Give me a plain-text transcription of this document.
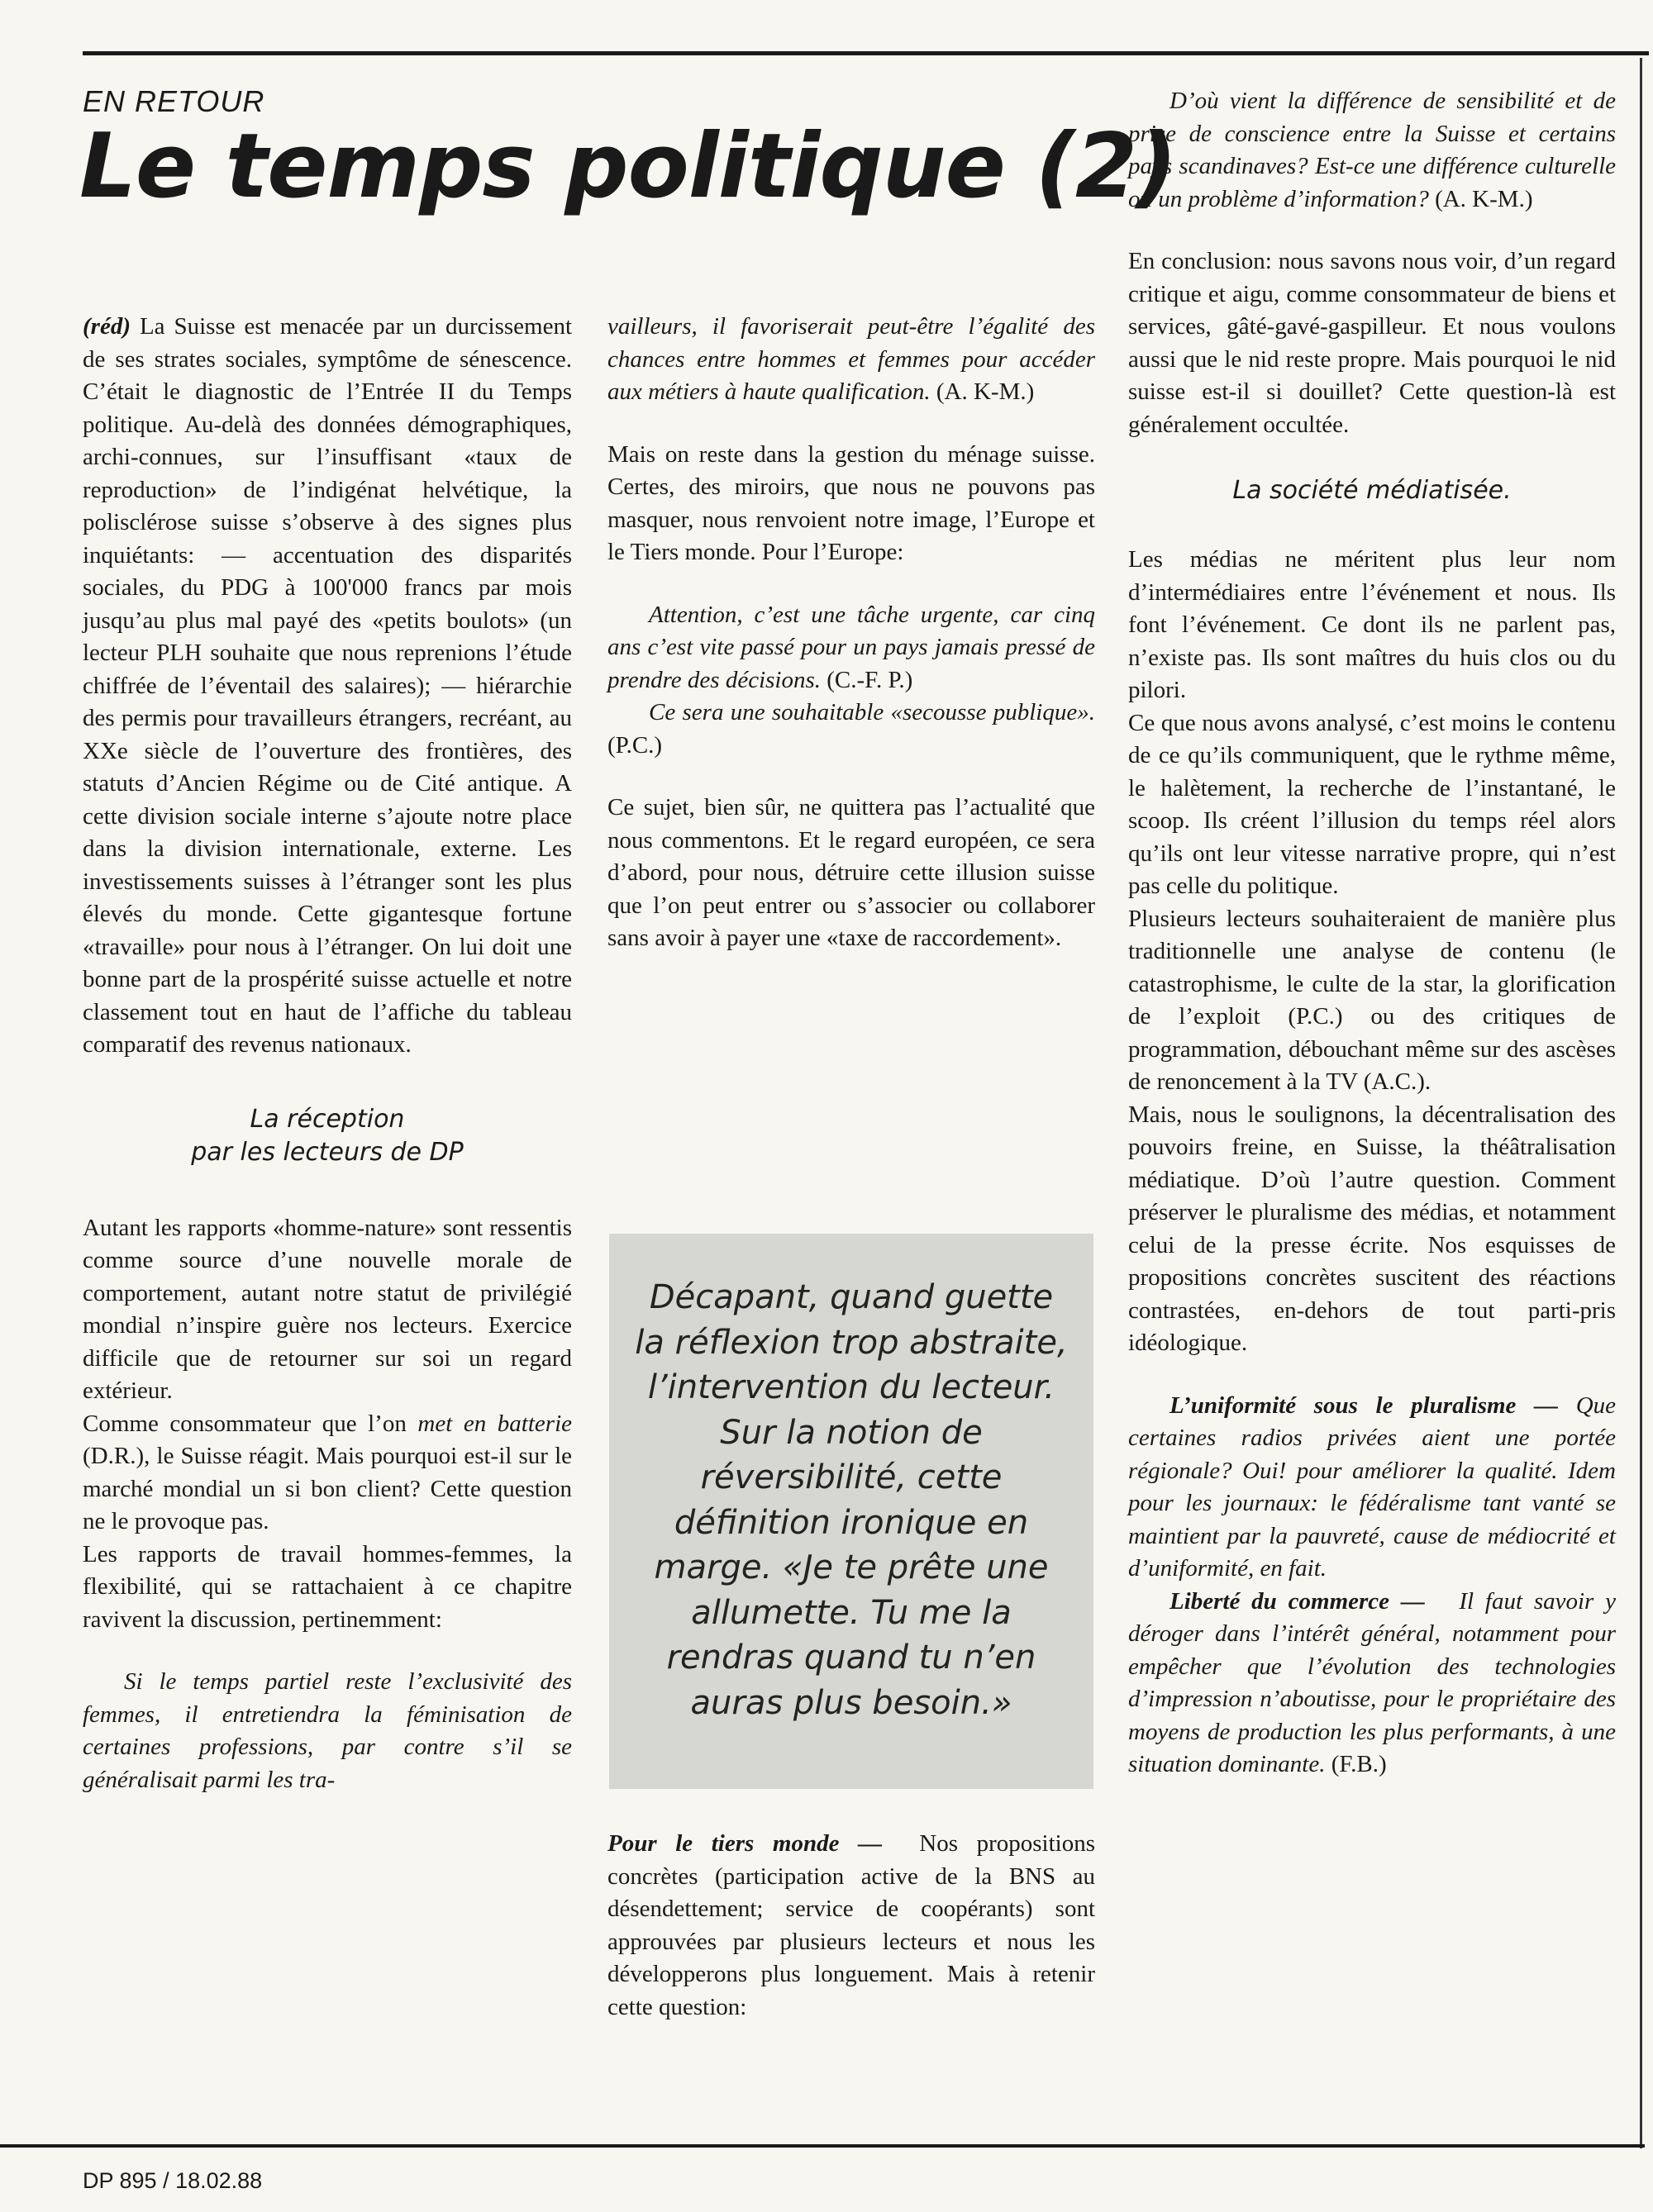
EN RETOUR
Le temps politique (2)

(réd) La Suisse est menacée par un durcissement de ses strates sociales, symptôme de sénescence. C’était le diagnostic de l’Entrée II du Temps politique. Au-delà des données démographiques, archi-connues, sur l’insuffisant «taux de reproduction» de l’indigénat helvétique, la polisclérose suisse s’observe à des signes plus inquiétants: — accentuation des disparités sociales, du PDG à 100'000 francs par mois jusqu’au plus mal payé des «petits boulots» (un lecteur PLH souhaite que nous reprenions l’étude chiffrée de l’éventail des salaires); — hiérarchie des permis pour travailleurs étrangers, recréant, au XXe siècle de l’ouverture des frontières, des statuts d’Ancien Régime ou de Cité antique. A cette division sociale interne s’ajoute notre place dans la division internationale, externe. Les investissements suisses à l’étranger sont les plus élevés du monde. Cette gigantesque fortune «travaille» pour nous à l’étranger. On lui doit une bonne part de la prospérité suisse actuelle et notre classement tout en haut de l’affiche du tableau comparatif des revenus nationaux.

La réception
par les lecteurs de DP

Autant les rapports «homme-nature» sont ressentis comme source d’une nouvelle morale de comportement, autant notre statut de privilégié mondial n’inspire guère nos lecteurs. Exercice difficile que de retourner sur soi un regard extérieur.

Comme consommateur que l’on met en batterie (D.R.), le Suisse réagit. Mais pourquoi est-il sur le marché mondial un si bon client? Cette question ne le provoque pas.

Les rapports de travail hommes-femmes, la flexibilité, qui se rattachaient à ce chapitre ravivent la discussion, pertinemment:

Si le temps partiel reste l’exclusivité des femmes, il entretiendra la féminisation de certaines professions, par contre s’il se généralisait parmi les tra-

vailleurs, il favoriserait peut-être l’égalité des chances entre hommes et femmes pour accéder aux métiers à haute qualification. (A. K-M.)

Mais on reste dans la gestion du ménage suisse. Certes, des miroirs, que nous ne pouvons pas masquer, nous renvoient notre image, l’Europe et le Tiers monde. Pour l’Europe:

Attention, c’est une tâche urgente, car cinq ans c’est vite passé pour un pays jamais pressé de prendre des décisions. (C.-F. P.)

Ce sera une souhaitable «secousse publique». (P.C.)

Ce sujet, bien sûr, ne quittera pas l’actualité que nous commentons. Et le regard européen, ce sera d’abord, pour nous, détruire cette illusion suisse que l’on peut entrer ou s’associer ou collaborer sans avoir à payer une «taxe de raccordement».

Décapant, quand guette la réflexion trop abstraite, l’intervention du lecteur. Sur la notion de réversibilité, cette définition ironique en marge. «Je te prête une allumette. Tu me la rendras quand tu n’en auras plus besoin.»

Pour le tiers monde — Nos propositions concrètes (participation active de la BNS au désendettement; service de coopérants) sont approuvées par plusieurs lecteurs et nous les développerons plus longuement. Mais à retenir cette question:

D’où vient la différence de sensibilité et de prise de conscience entre la Suisse et certains pays scandinaves? Est-ce une différence culturelle ou un problème d’information? (A. K-M.)

En conclusion: nous savons nous voir, d’un regard critique et aigu, comme consommateur de biens et services, gâté-gavé-gaspilleur. Et nous voulons aussi que le nid reste propre. Mais pourquoi le nid suisse est-il si douillet? Cette question-là est généralement occultée.

La société médiatisée.

Les médias ne méritent plus leur nom d’intermédiaires entre l’événement et nous. Ils font l’événement. Ce dont ils ne parlent pas, n’existe pas. Ils sont maîtres du huis clos ou du pilori.

Ce que nous avons analysé, c’est moins le contenu de ce qu’ils communiquent, que le rythme même, le halètement, la recherche de l’instantané, le scoop. Ils créent l’illusion du temps réel alors qu’ils ont leur vitesse narrative propre, qui n’est pas celle du politique.

Plusieurs lecteurs souhaiteraient de manière plus traditionnelle une analyse de contenu (le catastrophisme, le culte de la star, la glorification de l’exploit (P.C.) ou des critiques de programmation, débouchant même sur des ascèses de renoncement à la TV (A.C.).

Mais, nous le soulignons, la décentralisation des pouvoirs freine, en Suisse, la théâtralisation médiatique. D’où l’autre question. Comment préserver le pluralisme des médias, et notamment celui de la presse écrite. Nos esquisses de propositions concrètes suscitent des réactions contrastées, en-dehors de tout parti-pris idéologique.

L’uniformité sous le pluralisme — Que certaines radios privées aient une portée régionale? Oui! pour améliorer la qualité. Idem pour les journaux: le fédéralisme tant vanté se maintient par la pauvreté, cause de médiocrité et d’uniformité, en fait.

Liberté du commerce — Il faut savoir y déroger dans l’intérêt général, notamment pour empêcher que l’évolution des technologies d’impression n’aboutisse, pour le propriétaire des moyens de production les plus performants, à une situation dominante. (F.B.)

DP 895 / 18.02.88
